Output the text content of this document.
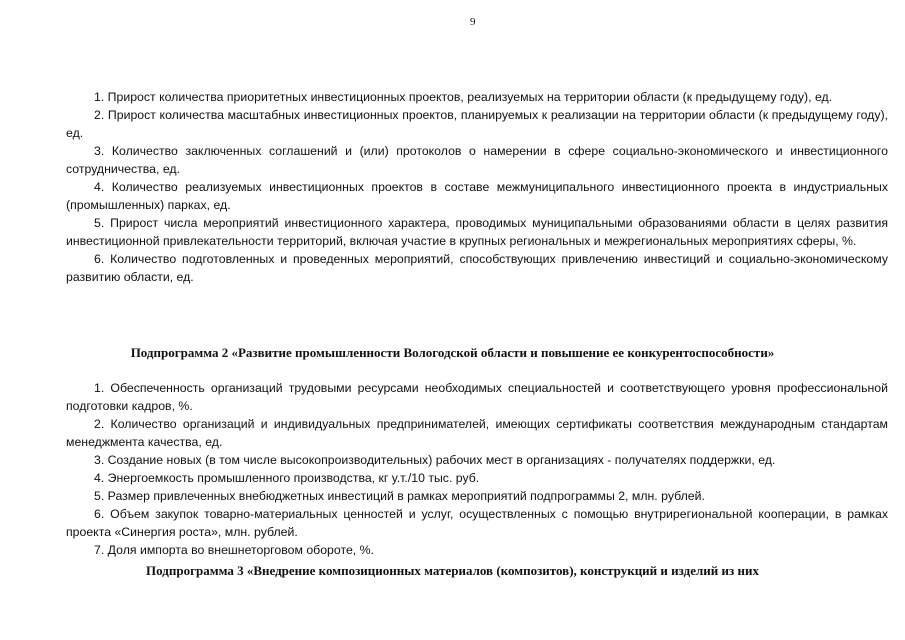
9

1. Прирост количества приоритетных инвестиционных проектов, реализуемых на территории области (к предыдущему году), ед.

2. Прирост количества масштабных инвестиционных проектов, планируемых к реализации на территории области (к предыдущему году), ед.

3. Количество заключенных соглашений и (или) протоколов о намерении в сфере социально-экономического и инвестиционного сотрудничества, ед.

4. Количество реализуемых инвестиционных проектов в составе межмуниципального инвестиционного проекта в индустриальных (промышленных) парках, ед.

5. Прирост числа мероприятий инвестиционного характера, проводимых муниципальными образованиями области в целях развития инвестиционной привлекательности территорий, включая участие в крупных региональных и межрегиональных мероприятиях сферы, %.

6. Количество подготовленных и проведенных мероприятий, способствующих привлечению инвестиций и социально-экономическому развитию области, ед.

Подпрограмма 2 «Развитие промышленности Вологодской области и повышение ее конкурентоспособности»

1. Обеспеченность организаций трудовыми ресурсами необходимых специальностей и соответствующего уровня профессиональной подготовки кадров, %.

2. Количество организаций и индивидуальных предпринимателей, имеющих сертификаты соответствия международным стандартам менеджмента качества, ед.

3. Создание новых (в том числе высокопроизводительных) рабочих мест в организациях - получателях поддержки, ед.

4. Энергоемкость промышленного производства, кг у.т./10 тыс. руб.

5. Размер привлеченных внебюджетных инвестиций в рамках мероприятий подпрограммы 2, млн. рублей.

6. Объем закупок товарно-материальных ценностей и услуг, осуществленных с помощью внутрирегиональной кооперации, в рамках проекта «Синергия роста», млн. рублей.

7. Доля импорта во внешнеторговом обороте, %.

Подпрограмма 3 «Внедрение композиционных материалов (композитов), конструкций и изделий из них
